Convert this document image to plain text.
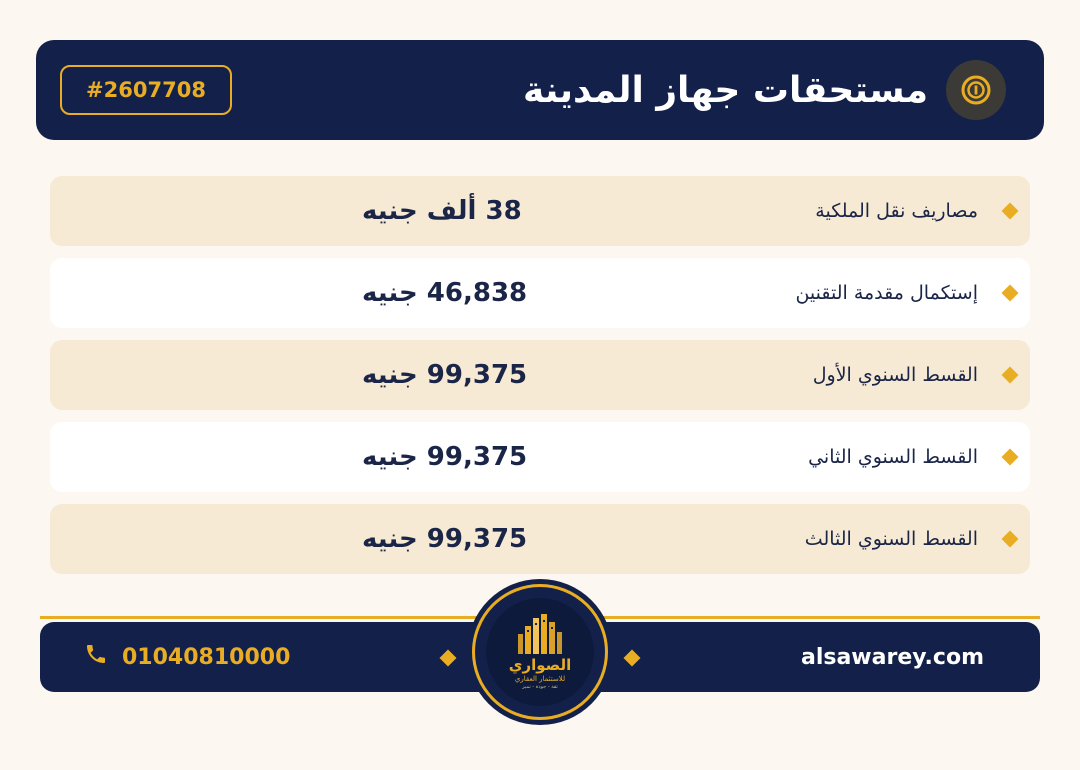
مستحقات جهاز المدينة
#2607708
مصاريف نقل الملكية
38 ألف جنيه
إستكمال مقدمة التقنين
46,838 جنيه
القسط السنوي الأول
99,375 جنيه
القسط السنوي الثاني
99,375 جنيه
القسط السنوي الثالث
99,375 جنيه
01040810000	alsawarey.com
الصواري
للاستثمار العقاري
ثقة - جودة - تميز
